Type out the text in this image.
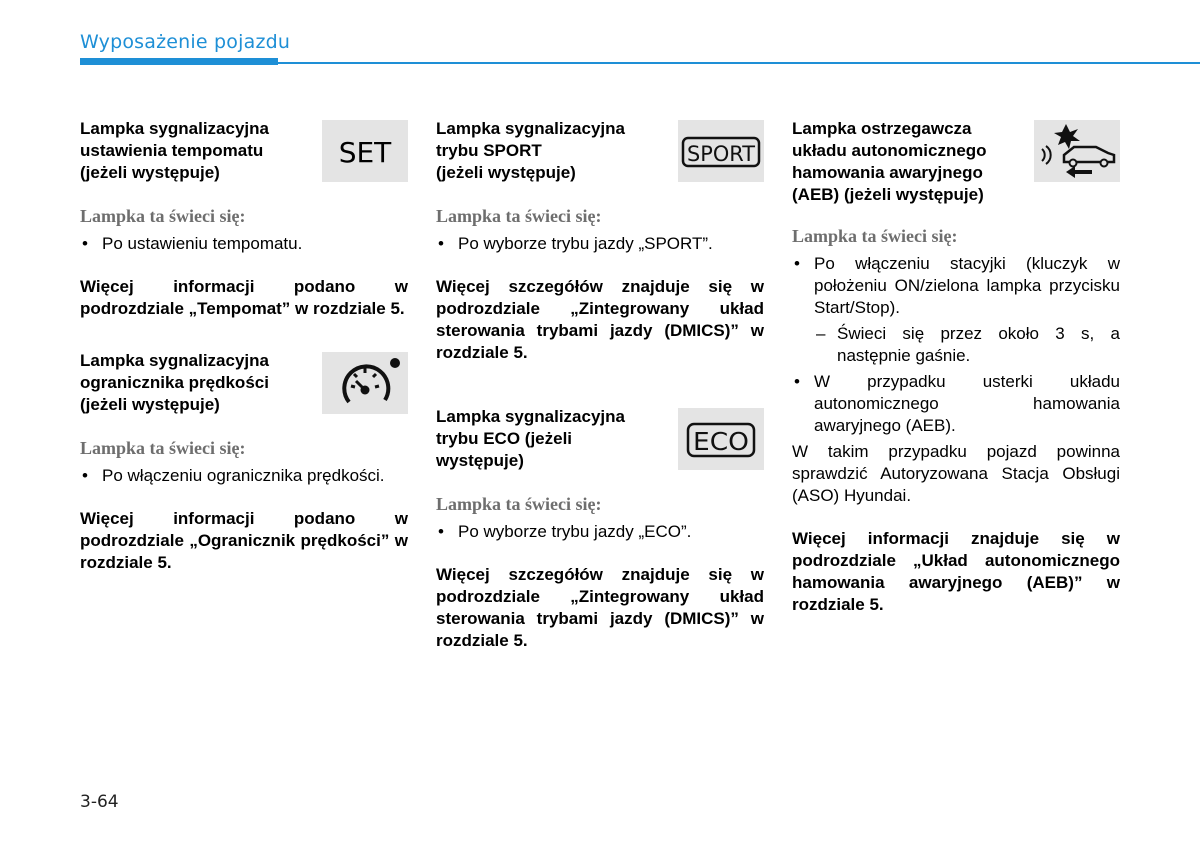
Wyposażenie pojazdu
Lampka sygnalizacyjna
ustawienia tempomatu
(jeżeli występuje)
SET
Lampka ta świeci się:
• Po ustawieniu tempomatu.
Więcej informacji podano w podrozdziale „Tempomat” w rozdziale 5.
Lampka sygnalizacyjna
ogranicznika prędkości
(jeżeli występuje)
Lampka ta świeci się:
• Po włączeniu ogranicznika prędkości.
Więcej informacji podano w podrozdziale „Ogranicznik prędkości” w rozdziale 5.
Lampka sygnalizacyjna
trybu SPORT
(jeżeli występuje)
SPORT
Lampka ta świeci się:
• Po wyborze trybu jazdy „SPORT”.
Więcej szczegółów znajduje się w podrozdziale „Zintegrowany układ sterowania trybami jazdy (DMICS)” w rozdziale 5.
Lampka sygnalizacyjna
trybu ECO (jeżeli
występuje)
ECO
Lampka ta świeci się:
• Po wyborze trybu jazdy „ECO”.
Więcej szczegółów znajduje się w podrozdziale „Zintegrowany układ sterowania trybami jazdy (DMICS)” w rozdziale 5.
Lampka ostrzegawcza
układu autonomicznego
hamowania awaryjnego
(AEB) (jeżeli występuje)
Lampka ta świeci się:
• Po włączeniu stacyjki (kluczyk w położeniu ON/zielona lampka przycisku Start/Stop).
– Świeci się przez około 3 s, a następnie gaśnie.
• W przypadku usterki układu autonomicznego hamowania awaryjnego (AEB).
W takim przypadku pojazd powinna sprawdzić Autoryzowana Stacja Obsługi (ASO) Hyundai.
Więcej informacji znajduje się w podrozdziale „Układ autonomicznego hamowania awaryjnego (AEB)” w rozdziale 5.
3-64
